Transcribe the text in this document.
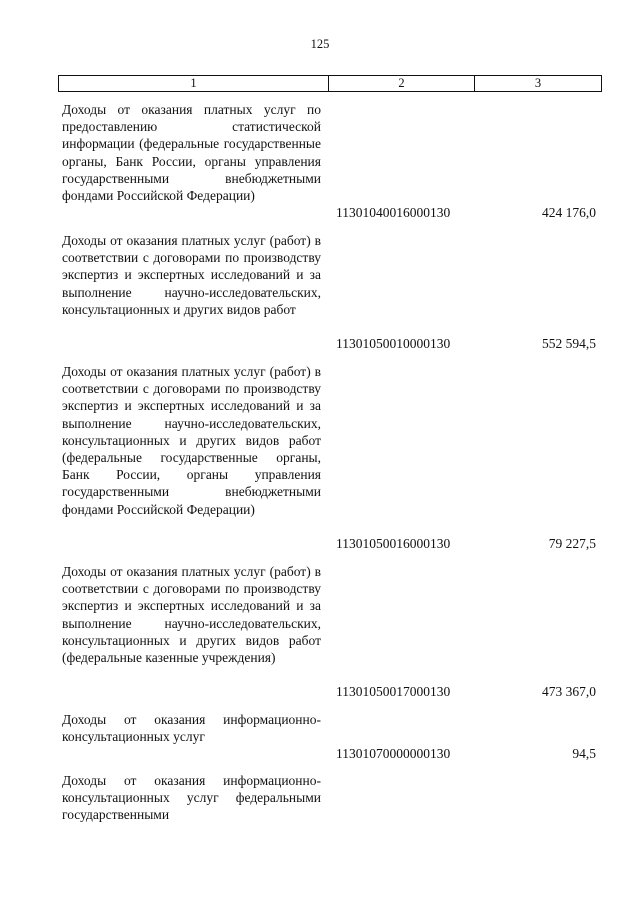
125
1	2	3
Доходы от оказания платных услуг по предоставлению статистической информации (федеральные государственные органы, Банк России, органы управления государственными внебюджетными фондами Российской Федерации)
11301040016000130	424 176,0
Доходы от оказания платных услуг (работ) в соответствии с договорами по производству экспертиз и экспертных исследований и за выполнение научно-исследовательских, консультационных и других видов работ
11301050010000130	552 594,5
Доходы от оказания платных услуг (работ) в соответствии с договорами по производству экспертиз и экспертных исследований и за выполнение научно-исследовательских, консультационных и других видов работ (федеральные государственные органы, Банк России, органы управления государственными внебюджетными фондами Российской Федерации)
11301050016000130	79 227,5
Доходы от оказания платных услуг (работ) в соответствии с договорами по производству экспертиз и экспертных исследований и за выполнение научно-исследовательских, консультационных и других видов работ (федеральные казенные учреждения)
11301050017000130	473 367,0
Доходы от оказания информационно-консультационных услуг
11301070000000130	94,5
Доходы от оказания информационно-консультационных услуг федеральными государственными
